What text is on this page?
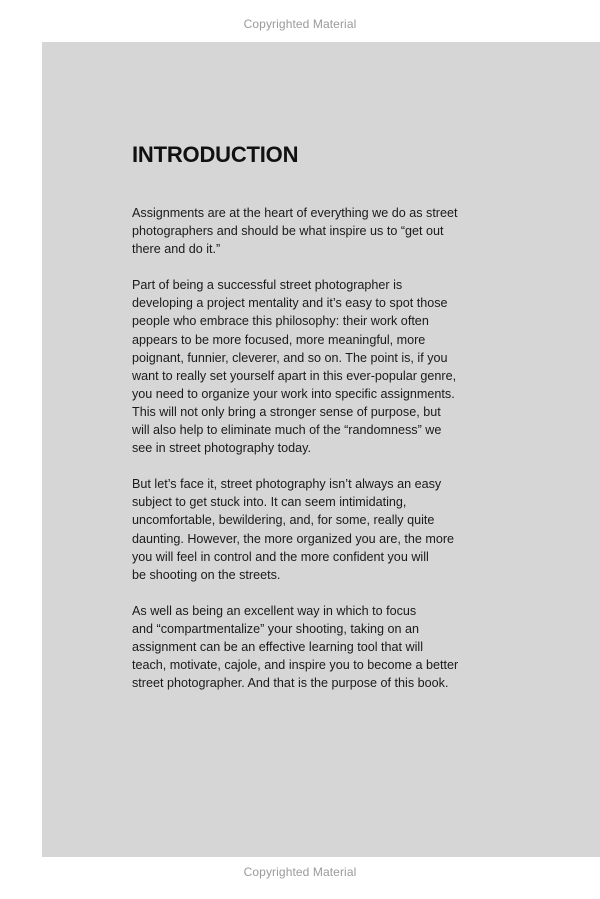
Copyrighted Material
INTRODUCTION

Assignments are at the heart of everything we do as street
photographers and should be what inspire us to “get out
there and do it.”

Part of being a successful street photographer is
developing a project mentality and it’s easy to spot those
people who embrace this philosophy: their work often
appears to be more focused, more meaningful, more
poignant, funnier, cleverer, and so on. The point is, if you
want to really set yourself apart in this ever-popular genre,
you need to organize your work into specific assignments.
This will not only bring a stronger sense of purpose, but
will also help to eliminate much of the “randomness” we
see in street photography today.

But let’s face it, street photography isn’t always an easy
subject to get stuck into. It can seem intimidating,
uncomfortable, bewildering, and, for some, really quite
daunting. However, the more organized you are, the more
you will feel in control and the more confident you will
be shooting on the streets.

As well as being an excellent way in which to focus
and “compartmentalize” your shooting, taking on an
assignment can be an effective learning tool that will
teach, motivate, cajole, and inspire you to become a better
street photographer. And that is the purpose of this book.

Copyrighted Material
